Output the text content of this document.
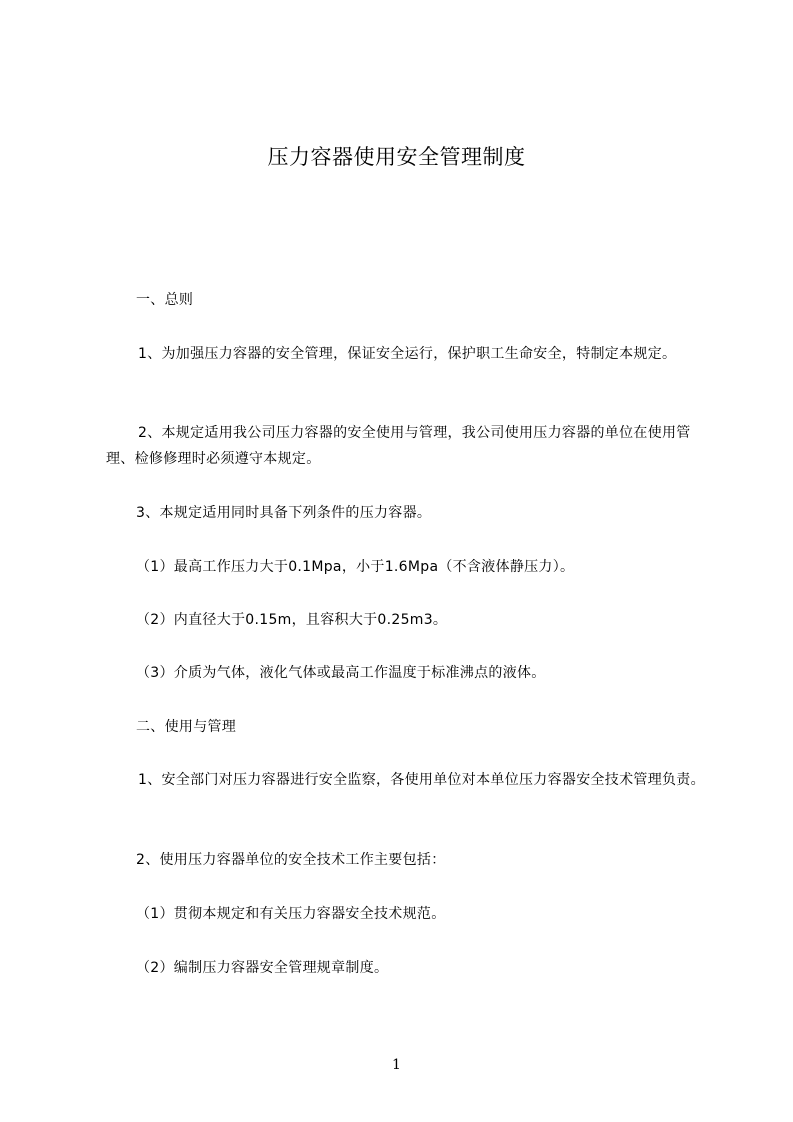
压力容器使用安全管理制度
一、总则
1、为加强压力容器的安全管理，保证安全运行，保护职工生命安全，特制定本规定。
2、本规定适用我公司压力容器的安全使用与管理，我公司使用压力容器的单位在使用管理、检修修理时必须遵守本规定。
3、本规定适用同时具备下列条件的压力容器。
（1）最高工作压力大于0.1Mpa，小于1.6Mpa（不含液体静压力）。
（2）内直径大于0.15m，且容积大于0.25m3。
（3）介质为气体，液化气体或最高工作温度于标准沸点的液体。
二、使用与管理
1、安全部门对压力容器进行安全监察，各使用单位对本单位压力容器安全技术管理负责。
2、使用压力容器单位的安全技术工作主要包括：
（1）贯彻本规定和有关压力容器安全技术规范。
（2）编制压力容器安全管理规章制度。
1
